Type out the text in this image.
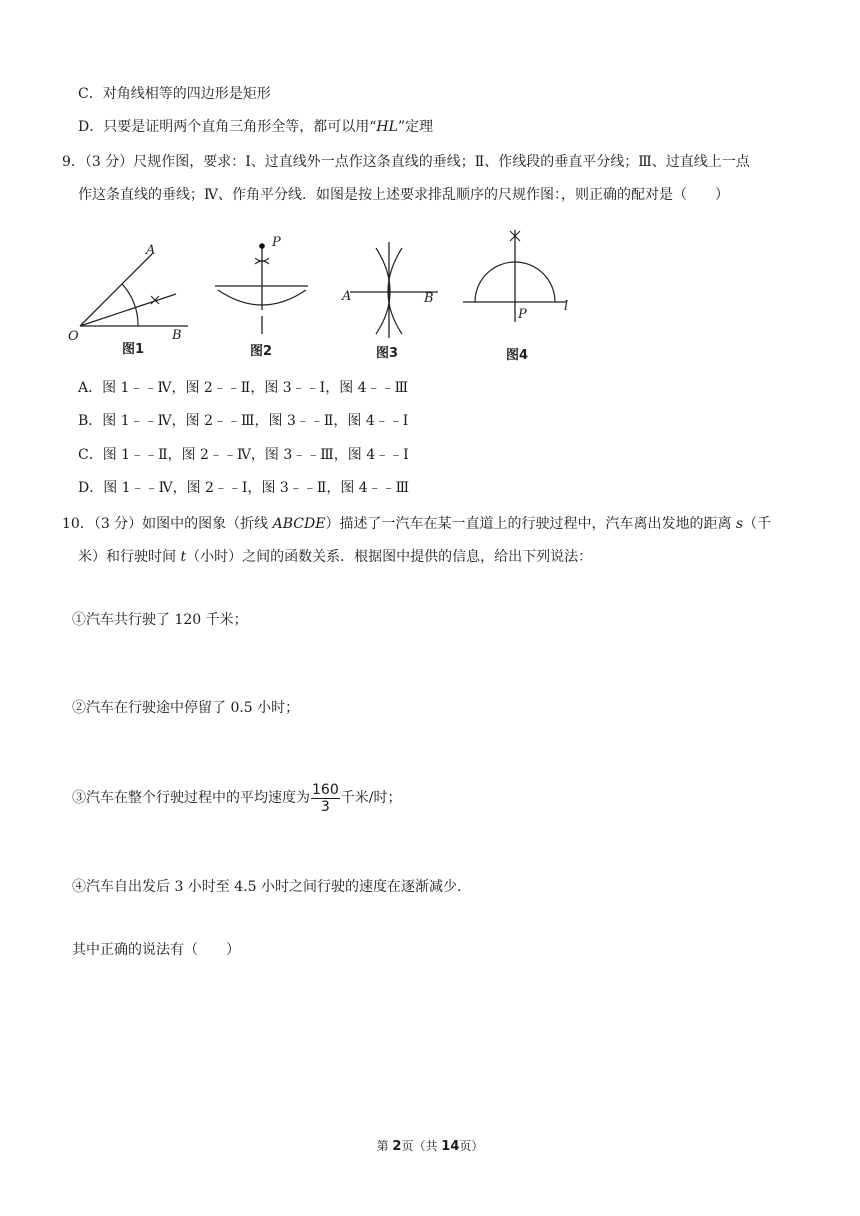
C．对角线相等的四边形是矩形
D．只要是证明两个直角三角形全等，都可以用“HL”定理
9．（3 分）尺规作图，要求：Ⅰ、过直线外一点作这条直线的垂线；Ⅱ、作线段的垂直平分线；Ⅲ、过直线上一点
作这条直线的垂线；Ⅳ、作角平分线．如图是按上述要求排乱顺序的尺规作图：，则正确的配对是（　　）
A
O	B
图1
P
图2
A	B
图3
P
l
图4
A．图 1﹣﹣Ⅳ，图 2﹣﹣Ⅱ，图 3﹣﹣Ⅰ，图 4﹣﹣Ⅲ
B．图 1﹣﹣Ⅳ，图 2﹣﹣Ⅲ，图 3﹣﹣Ⅱ，图 4﹣﹣Ⅰ
C．图 1﹣﹣Ⅱ，图 2﹣﹣Ⅳ，图 3﹣﹣Ⅲ，图 4﹣﹣Ⅰ
D．图 1﹣﹣Ⅳ，图 2﹣﹣Ⅰ，图 3﹣﹣Ⅱ，图 4﹣﹣Ⅲ
10．（3 分）如图中的图象（折线 ABCDE）描述了一汽车在某一直道上的行驶过程中，汽车离出发地的距离 s（千
米）和行驶时间 t（小时）之间的函数关系．根据图中提供的信息，给出下列说法：
①汽车共行驶了 120 千米；
②汽车在行驶途中停留了 0.5 小时；
③汽车在整个行驶过程中的平均速度为 $\frac{160}{3}$ 千米/时；
④汽车自出发后 3 小时至 4.5 小时之间行驶的速度在逐渐减少．
其中正确的说法有（　　）
第 2页（共 14页）
